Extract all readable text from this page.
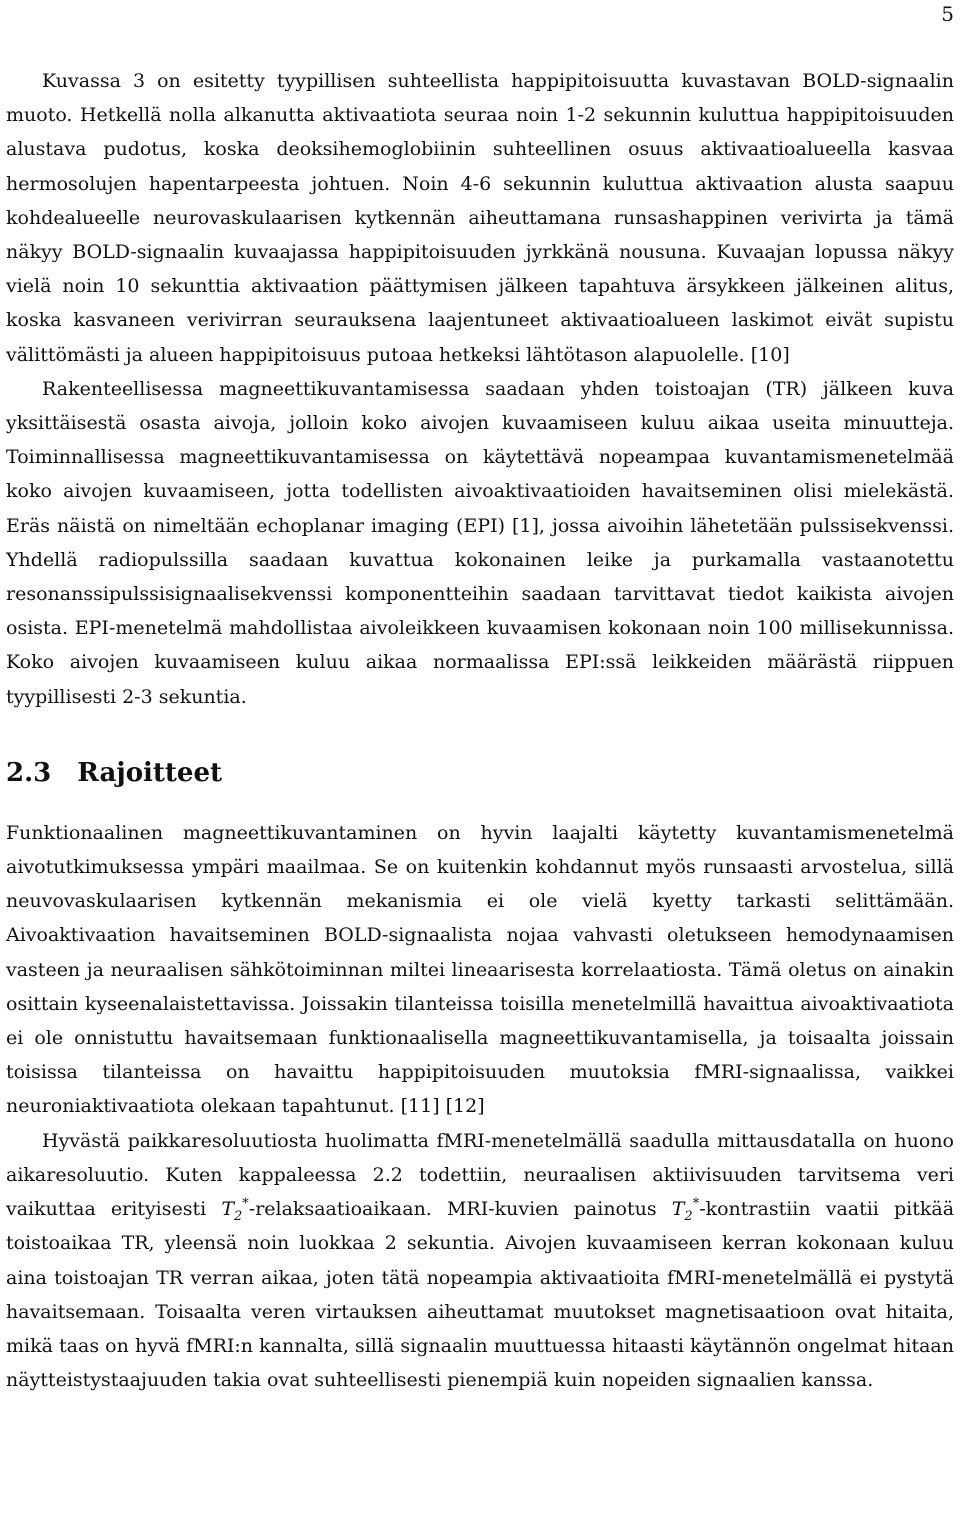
5

Kuvassa 3 on esitetty tyypillisen suhteellista happipitoisuutta kuvastavan BOLD-signaalin muoto. Hetkellä nolla alkanutta aktivaatiota seuraa noin 1-2 sekunnin kuluttua happipitoisuuden alustava pudotus, koska deoksihemoglobiinin suhteellinen osuus aktivaatioalueella kasvaa hermosolujen hapentarpeesta johtuen. Noin 4-6 sekunnin kuluttua aktivaation alusta saapuu kohdealueelle neurovaskulaarisen kytkennän aiheuttamana runsashappinen verivirta ja tämä näkyy BOLD-signaalin kuvaajassa happipitoisuuden jyrkkänä nousuna. Kuvaajan lopussa näkyy vielä noin 10 sekunttia aktivaation päättymisen jälkeen tapahtuva ärsykkeen jälkeinen alitus, koska kasvaneen verivirran seurauksena laajentuneet aktivaatioalueen laskimot eivät supistu välittömästi ja alueen happipitoisuus putoaa hetkeksi lähtötason alapuolelle. [10]

Rakenteellisessa magneettikuvantamisessa saadaan yhden toistoajan (TR) jälkeen kuva yksittäisestä osasta aivoja, jolloin koko aivojen kuvaamiseen kuluu aikaa useita minuutteja. Toiminnallisessa magneettikuvantamisessa on käytettävä nopeampaa kuvantamismenetelmää koko aivojen kuvaamiseen, jotta todellisten aivoaktivaatioiden havaitseminen olisi mielekästä. Eräs näistä on nimeltään echoplanar imaging (EPI) [1], jossa aivoihin lähetetään pulssisekvenssi. Yhdellä radiopulssilla saadaan kuvattua kokonainen leike ja purkamalla vastaanotettu resonanssipulssisignaalisekvenssi komponentteihin saadaan tarvittavat tiedot kaikista aivojen osista. EPI-menetelmä mahdollistaa aivoleikkeen kuvaamisen kokonaan noin 100 millisekunnissa. Koko aivojen kuvaamiseen kuluu aikaa normaalissa EPI:ssä leikkeiden määrästä riippuen tyypillisesti 2-3 sekuntia.

2.3 Rajoitteet

Funktionaalinen magneettikuvantaminen on hyvin laajalti käytetty kuvantamismenetelmä aivotutkimuksessa ympäri maailmaa. Se on kuitenkin kohdannut myös runsaasti arvostelua, sillä neuvovaskulaarisen kytkennän mekanismia ei ole vielä kyetty tarkasti selittämään. Aivoaktivaation havaitseminen BOLD-signaalista nojaa vahvasti oletukseen hemodynaamisen vasteen ja neuraalisen sähkötoiminnan miltei lineaarisesta korrelaatiosta. Tämä oletus on ainakin osittain kyseenalaistettavissa. Joissakin tilanteissa toisilla menetelmillä havaittua aivoaktivaatiota ei ole onnistuttu havaitsemaan funktionaalisella magneettikuvantamisella, ja toisaalta joissain toisissa tilanteissa on havaittu happipitoisuuden muutoksia fMRI-signaalissa, vaikkei neuroniaktivaatiota olekaan tapahtunut. [11] [12]

Hyvästä paikkaresoluutiosta huolimatta fMRI-menetelmällä saadulla mittausdatalla on huono aikaresoluutio. Kuten kappaleessa 2.2 todettiin, neuraalisen aktiivisuuden tarvitsema veri vaikuttaa erityisesti $T_2^*$-relaksaatioaikaan. MRI-kuvien painotus $T_2^*$-kontrastiin vaatii pitkää toistoaikaa TR, yleensä noin luokkaa 2 sekuntia. Aivojen kuvaamiseen kerran kokonaan kuluu aina toistoajan TR verran aikaa, joten tätä nopeampia aktivaatioita fMRI-menetelmällä ei pystytä havaitsemaan. Toisaalta veren virtauksen aiheuttamat muutokset magnetisaatioon ovat hitaita, mikä taas on hyvä fMRI:n kannalta, sillä signaalin muuttuessa hitaasti käytännön ongelmat hitaan näytteistystaajuuden takia ovat suhteellisesti pienempiä kuin nopeiden signaalien kanssa.
